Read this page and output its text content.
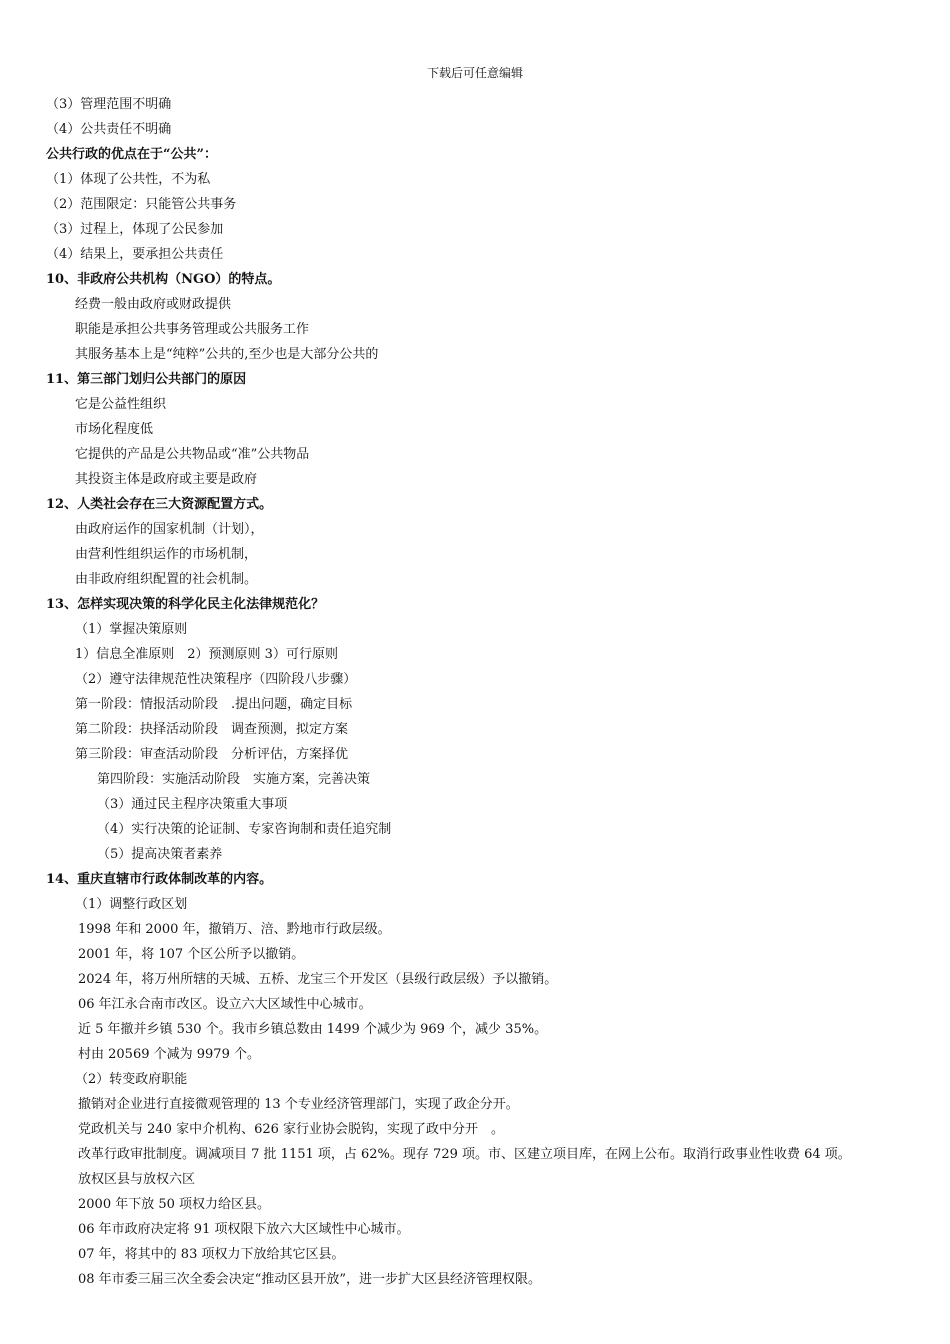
下载后可任意编辑
（3）管理范围不明确
（4）公共责任不明确
公共行政的优点在于“公共”：
（1）体现了公共性，不为私
（2）范围限定：只能管公共事务
（3）过程上，体现了公民参加
（4）结果上，要承担公共责任
10、非政府公共机构（NGO）的特点。
经费一般由政府或财政提供
职能是承担公共事务管理或公共服务工作
其服务基本上是“纯粹”公共的,至少也是大部分公共的
11、第三部门划归公共部门的原因
它是公益性组织
市场化程度低
它提供的产品是公共物品或“准”公共物品
其投资主体是政府或主要是政府
12、人类社会存在三大资源配置方式。
由政府运作的国家机制（计划），
由营利性组织运作的市场机制，
由非政府组织配置的社会机制。
13、怎样实现决策的科学化民主化法律规范化？
（1）掌握决策原则
1）信息全准原则　2）预测原则 3）可行原则
（2）遵守法律规范性决策程序（四阶段八步骤）
第一阶段：情报活动阶段　.提出问题，确定目标
第二阶段：抉择活动阶段　调查预测，拟定方案
第三阶段：审查活动阶段　分析评估，方案择优
第四阶段：实施活动阶段　实施方案，完善决策
（3）通过民主程序决策重大事项
（4）实行决策的论证制、专家咨询制和责任追究制
（5）提高决策者素养
14、重庆直辖市行政体制改革的内容。
（1）调整行政区划
1998 年和 2000 年，撤销万、涪、黔地市行政层级。
2001 年，将 107 个区公所予以撤销。
2024 年，将万州所辖的天城、五桥、龙宝三个开发区（县级行政层级）予以撤销。
06 年江永合南市改区。设立六大区域性中心城市。
近 5 年撤并乡镇 530 个。我市乡镇总数由 1499 个减少为 969 个，减少 35%。
村由 20569 个减为 9979 个。
（2）转变政府职能
撤销对企业进行直接微观管理的 13 个专业经济管理部门，实现了政企分开。
党政机关与 240 家中介机构、626 家行业协会脱钩，实现了政中分开　。
改革行政审批制度。调减项目 7 批 1151 项，占 62%。现存 729 项。市、区建立项目库，在网上公布。取消行政事业性收费 64 项。
放权区县与放权六区
2000 年下放 50 项权力给区县。
06 年市政府决定将 91 项权限下放六大区域性中心城市。
07 年，将其中的 83 项权力下放给其它区县。
08 年市委三届三次全委会决定“推动区县开放”，进一步扩大区县经济管理权限。
